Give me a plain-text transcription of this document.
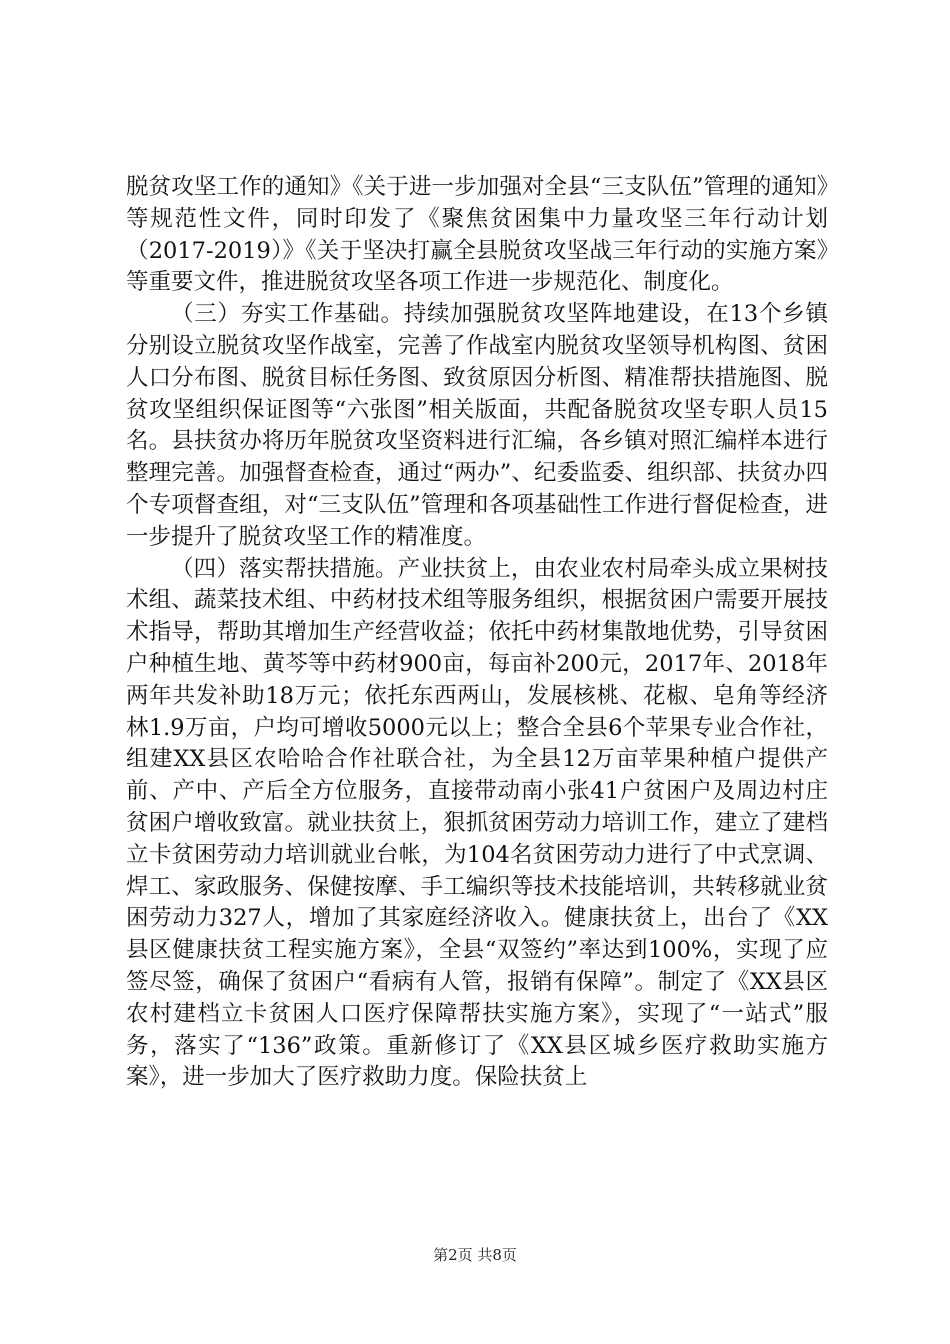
脱贫攻坚工作的通知》《关于进一步加强对全县“三支队伍”管理的通知》等规范性文件，同时印发了《聚焦贫困集中力量攻坚三年行动计划（2017-2019）》《关于坚决打赢全县脱贫攻坚战三年行动的实施方案》等重要文件，推进脱贫攻坚各项工作进一步规范化、制度化。

（三）夯实工作基础。持续加强脱贫攻坚阵地建设，在13个乡镇分别设立脱贫攻坚作战室，完善了作战室内脱贫攻坚领导机构图、贫困人口分布图、脱贫目标任务图、致贫原因分析图、精准帮扶措施图、脱贫攻坚组织保证图等“六张图”相关版面，共配备脱贫攻坚专职人员15名。县扶贫办将历年脱贫攻坚资料进行汇编，各乡镇对照汇编样本进行整理完善。加强督查检查，通过“两办”、纪委监委、组织部、扶贫办四个专项督查组，对“三支队伍”管理和各项基础性工作进行督促检查，进一步提升了脱贫攻坚工作的精准度。

（四）落实帮扶措施。产业扶贫上，由农业农村局牵头成立果树技术组、蔬菜技术组、中药材技术组等服务组织，根据贫困户需要开展技术指导，帮助其增加生产经营收益；依托中药材集散地优势，引导贫困户种植生地、黄芩等中药材900亩，每亩补200元，2017年、2018年两年共发补助18万元；依托东西两山，发展核桃、花椒、皂角等经济林1.9万亩，户均可增收5000元以上；整合全县6个苹果专业合作社，组建XX县区农哈哈合作社联合社，为全县12万亩苹果种植户提供产前、产中、产后全方位服务，直接带动南小张41户贫困户及周边村庄贫困户增收致富。就业扶贫上，狠抓贫困劳动力培训工作，建立了建档立卡贫困劳动力培训就业台帐，为104名贫困劳动力进行了中式烹调、焊工、家政服务、保健按摩、手工编织等技术技能培训，共转移就业贫困劳动力327人，增加了其家庭经济收入。健康扶贫上，出台了《XX县区健康扶贫工程实施方案》，全县“双签约”率达到100%，实现了应签尽签，确保了贫困户“看病有人管，报销有保障”。制定了《XX县区农村建档立卡贫困人口医疗保障帮扶实施方案》，实现了“一站式”服务，落实了“136”政策。重新修订了《XX县区城乡医疗救助实施方案》，进一步加大了医疗救助力度。保险扶贫上

第2页 共8页
